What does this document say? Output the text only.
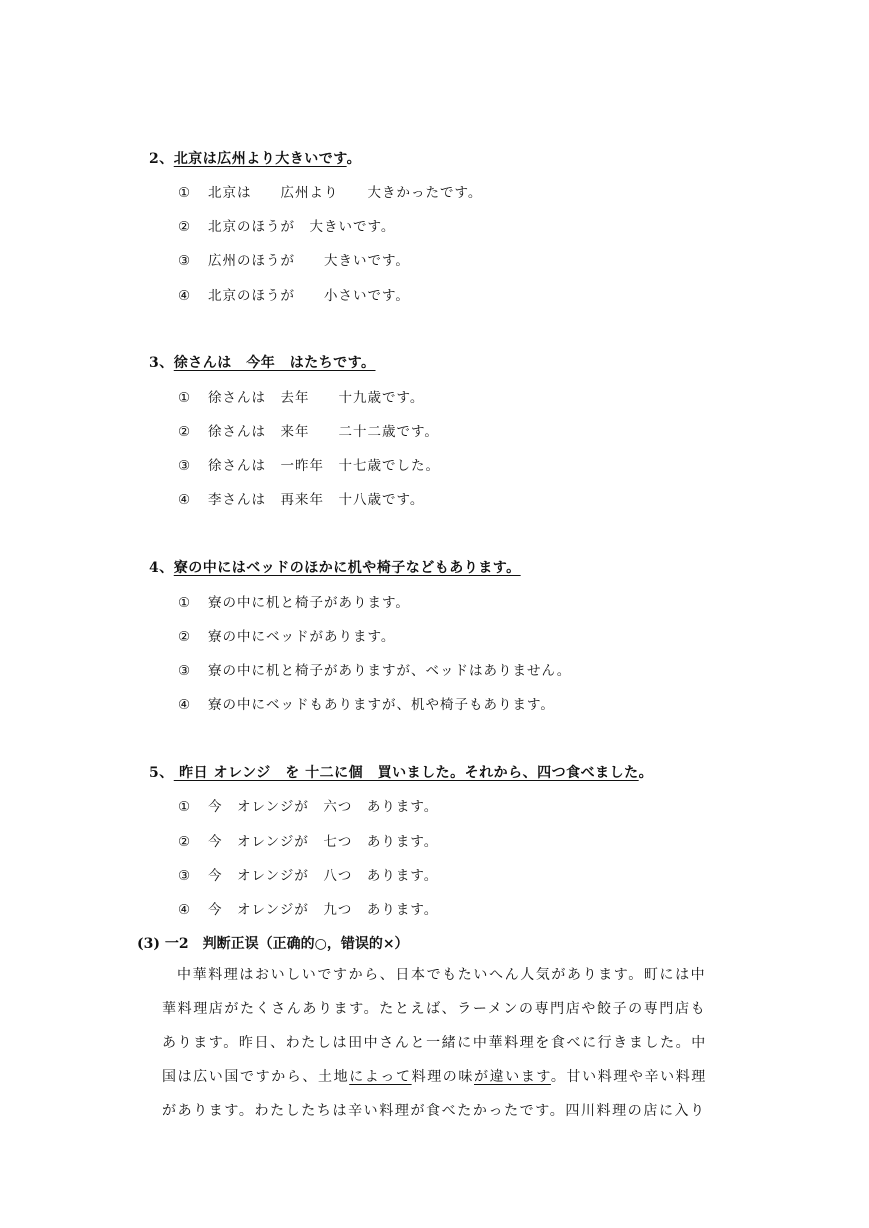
2、北京は広州より大きいです。
① 北京は　　広州より　　大きかったです。
② 北京のほうが　大きいです。
③ 広州のほうが　　大きいです。
④ 北京のほうが　　小さいです。
3、徐さんは　今年　はたちです。
① 徐さんは　去年　　十九歳です。
② 徐さんは　来年　　二十二歳です。
③ 徐さんは　一昨年　十七歳でした。
④ 李さんは　再来年　十八歳です。
4、寮の中にはベッドのほかに机や椅子などもあります。
① 寮の中に机と椅子があります。
② 寮の中にベッドがあります。
③ 寮の中に机と椅子がありますが、ベッドはありません。
④ 寮の中にベッドもありますが、机や椅子もあります。
5、 昨日 オレンジ　を 十二に個　買いました。それから、四つ食べました。
① 今　オレンジが　六つ　あります。
② 今　オレンジが　七つ　あります。
③ 今　オレンジが　八つ　あります。
④ 今　オレンジが　九つ　あります。
(3) 一2　判断正误（正确的○，错误的×）

中華料理はおいしいですから、日本でもたいへん人気があります。町には中華料理店がたくさんあります。たとえば、ラーメンの専門店や餃子の専門店もあります。昨日、わたしは田中さんと一緒に中華料理を食べに行きました。中国は広い国ですから、土地によって料理の味が違います。甘い料理や辛い料理があります。わたしたちは辛い料理が食べたかったです。四川料理の店に入り
